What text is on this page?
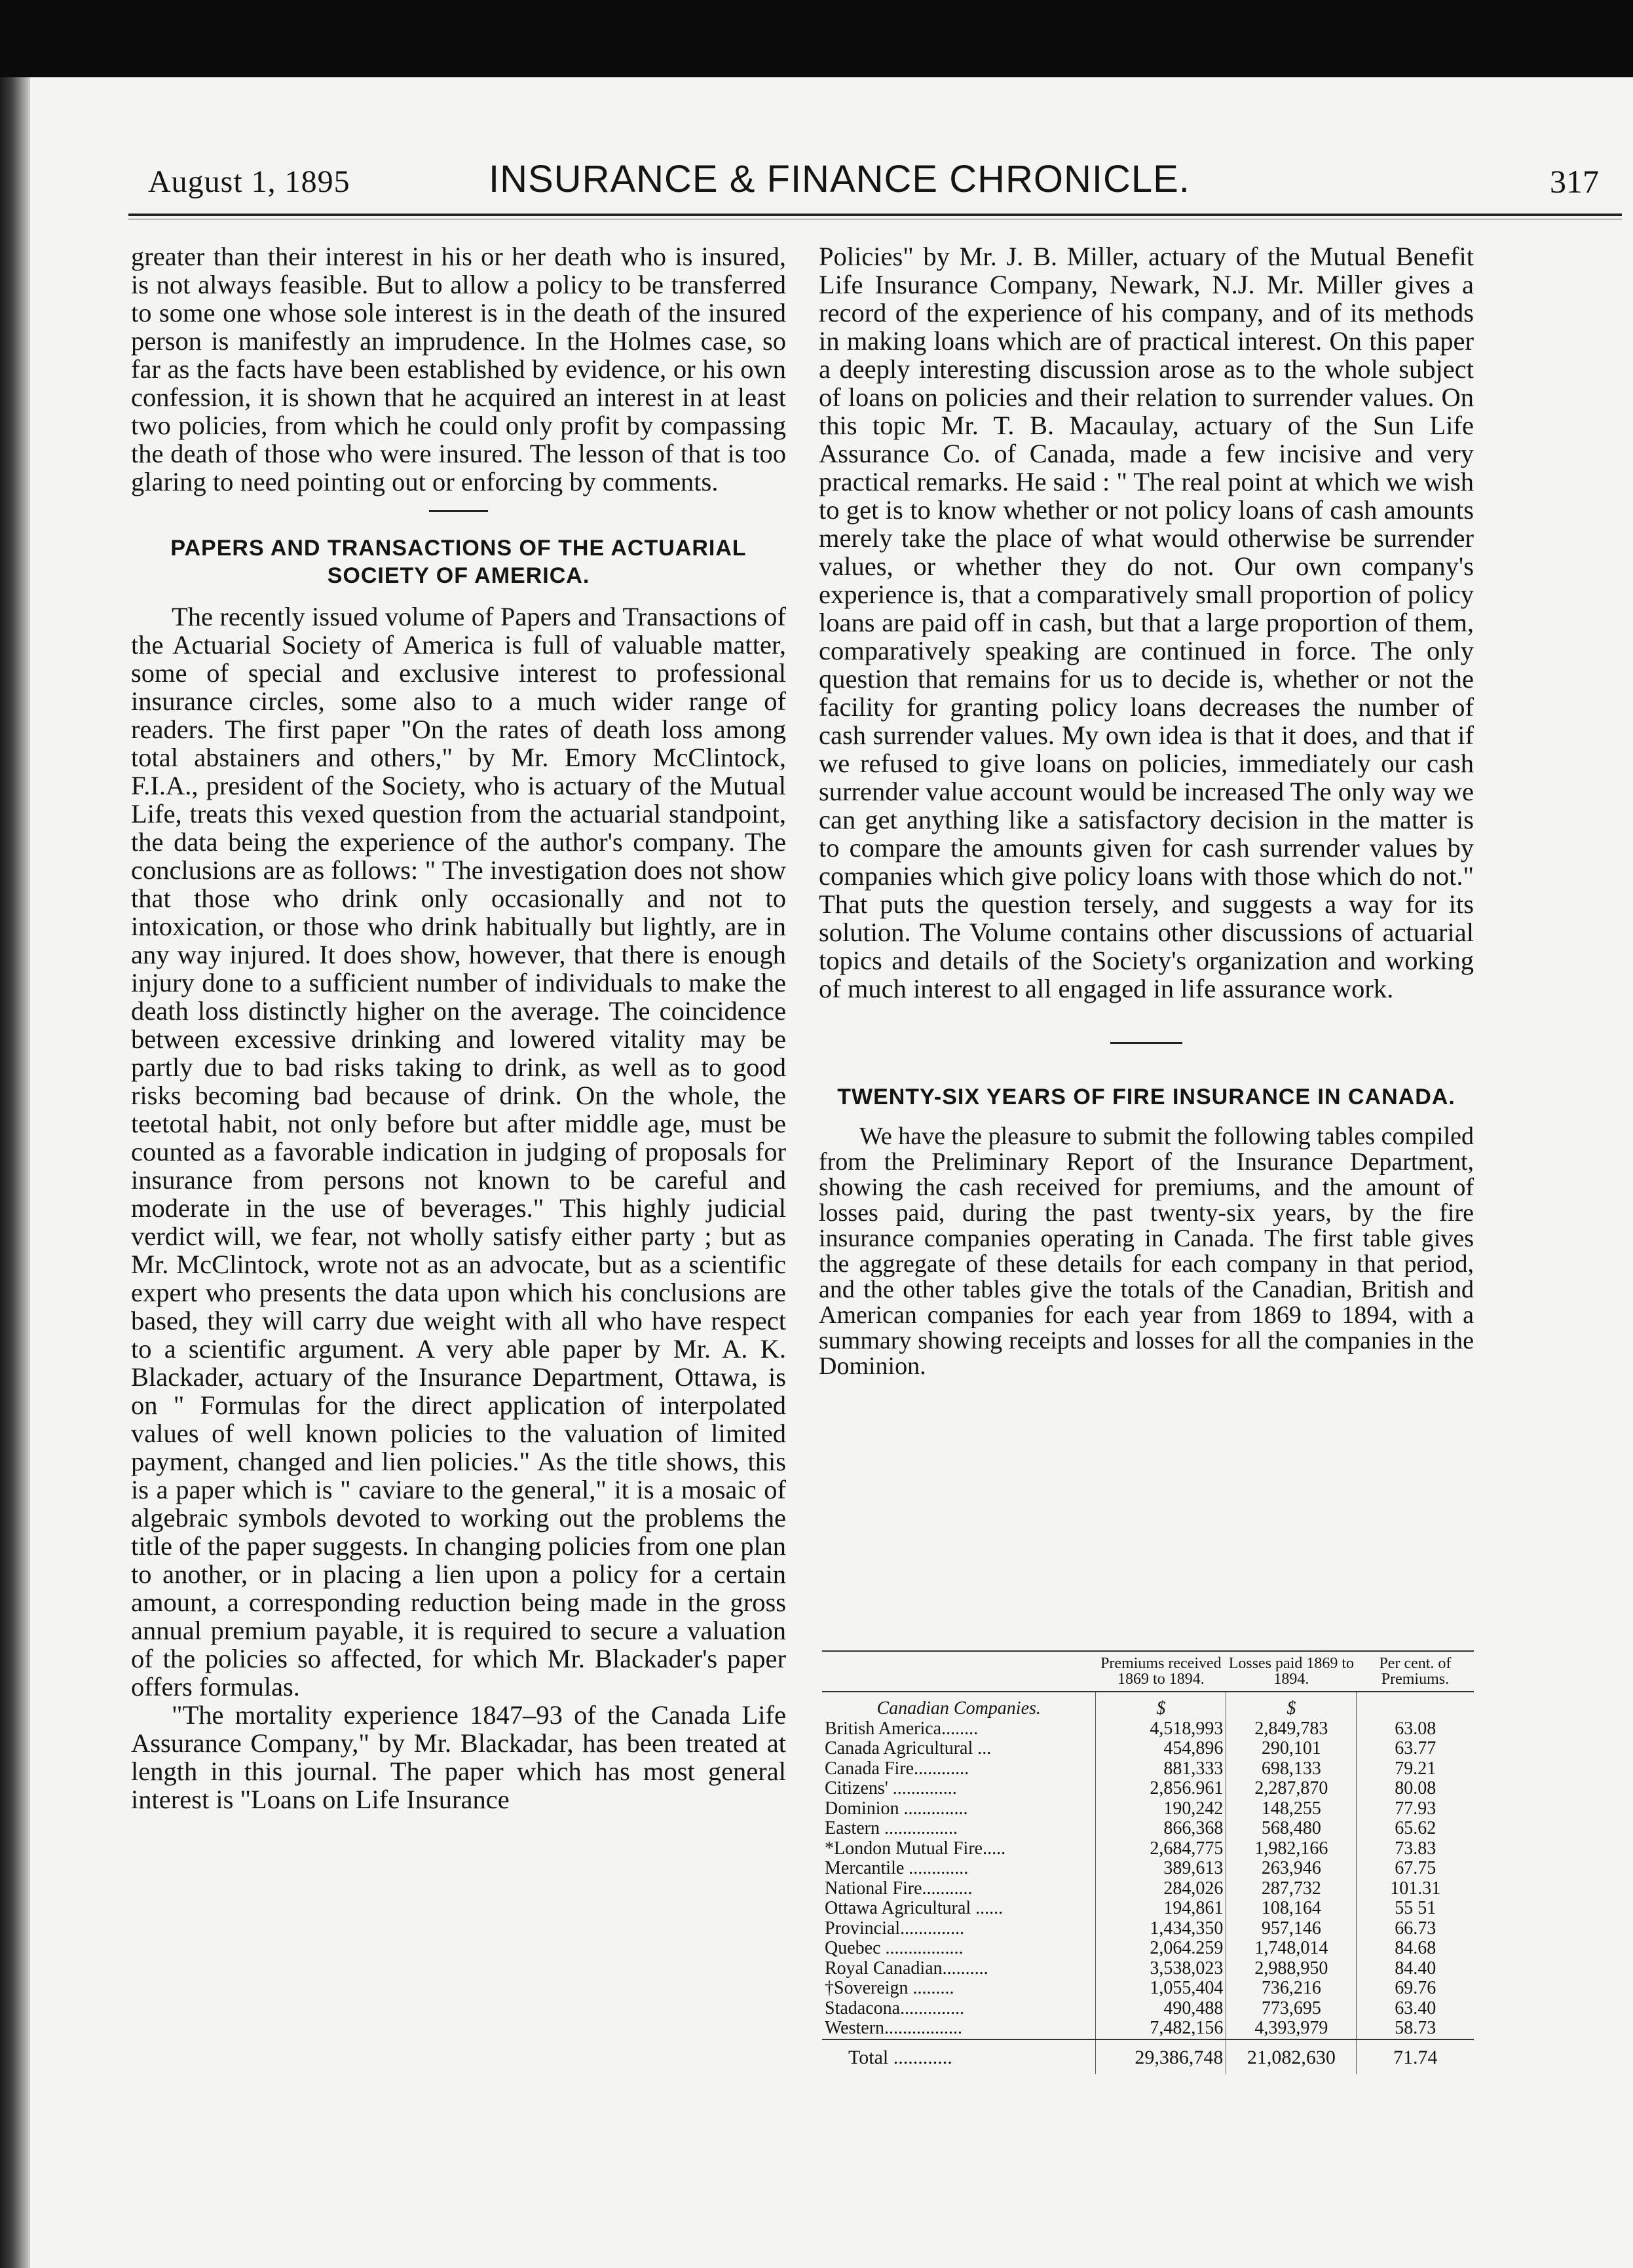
August 1, 1895	INSURANCE & FINANCE CHRONICLE.	317

greater than their interest in his or her death who is insured, is not always feasible. But to allow a policy to be transferred to some one whose sole interest is in the death of the insured person is manifestly an imprudence. In the Holmes case, so far as the facts have been established by evidence, or his own confession, it is shown that he acquired an interest in at least two policies, from which he could only profit by compassing the death of those who were insured. The lesson of that is too glaring to need pointing out or enforcing by comments.

PAPERS AND TRANSACTIONS OF THE ACTUARIAL SOCIETY OF AMERICA.

The recently issued volume of Papers and Transactions of the Actuarial Society of America is full of valuable matter, some of special and exclusive interest to professional insurance circles, some also to a much wider range of readers. The first paper "On the rates of death loss among total abstainers and others," by Mr. Emory McClintock, F.I.A., president of the Society, who is actuary of the Mutual Life, treats this vexed question from the actuarial standpoint, the data being the experience of the author's company. The conclusions are as follows: " The investigation does not show that those who drink only occasionally and not to intoxication, or those who drink habitually but lightly, are in any way injured. It does show, however, that there is enough injury done to a sufficient number of individuals to make the death loss distinctly higher on the average. The coincidence between excessive drinking and lowered vitality may be partly due to bad risks taking to drink, as well as to good risks becoming bad because of drink. On the whole, the teetotal habit, not only before but after middle age, must be counted as a favorable indication in judging of proposals for insurance from persons not known to be careful and moderate in the use of beverages." This highly judicial verdict will, we fear, not wholly satisfy either party ; but as Mr. McClintock, wrote not as an advocate, but as a scientific expert who presents the data upon which his conclusions are based, they will carry due weight with all who have respect to a scientific argument. A very able paper by Mr. A. K. Blackader, actuary of the Insurance Department, Ottawa, is on " Formulas for the direct application of interpolated values of well known policies to the valuation of limited payment, changed and lien policies." As the title shows, this is a paper which is " caviare to the general," it is a mosaic of algebraic symbols devoted to working out the problems the title of the paper suggests. In changing policies from one plan to another, or in placing a lien upon a policy for a certain amount, a corresponding reduction being made in the gross annual premium payable, it is required to secure a valuation of the policies so affected, for which Mr. Blackader's paper offers formulas.

"The mortality experience 1847–93 of the Canada Life Assurance Company," by Mr. Blackadar, has been treated at length in this journal. The paper which has most general interest is "Loans on Life Insurance

Policies" by Mr. J. B. Miller, actuary of the Mutual Benefit Life Insurance Company, Newark, N.J. Mr. Miller gives a record of the experience of his company, and of its methods in making loans which are of practical interest. On this paper a deeply interesting discussion arose as to the whole subject of loans on policies and their relation to surrender values. On this topic Mr. T. B. Macaulay, actuary of the Sun Life Assurance Co. of Canada, made a few incisive and very practical remarks. He said : " The real point at which we wish to get is to know whether or not policy loans of cash amounts merely take the place of what would otherwise be surrender values, or whether they do not. Our own company's experience is, that a comparatively small proportion of policy loans are paid off in cash, but that a large proportion of them, comparatively speaking are continued in force. The only question that remains for us to decide is, whether or not the facility for granting policy loans decreases the number of cash surrender values. My own idea is that it does, and that if we refused to give loans on policies, immediately our cash surrender value account would be increased The only way we can get anything like a satisfactory decision in the matter is to compare the amounts given for cash surrender values by companies which give policy loans with those which do not." That puts the question tersely, and suggests a way for its solution. The Volume contains other discussions of actuarial topics and details of the Society's organization and working of much interest to all engaged in life assurance work.

TWENTY-SIX YEARS OF FIRE INSURANCE IN CANADA.

We have the pleasure to submit the following tables compiled from the Preliminary Report of the Insurance Department, showing the cash received for premiums, and the amount of losses paid, during the past twenty-six years, by the fire insurance companies operating in Canada. The first table gives the aggregate of these details for each company in that period, and the other tables give the totals of the Canadian, British and American companies for each year from 1869 to 1894, with a summary showing receipts and losses for all the companies in the Dominion.

	Premiums received 1869 to 1894.	Losses paid 1869 to 1894.	Per cent. of Premiums.
Canadian Companies.	$	$	
British America........	4,518,993	2,849,783	63.08
Canada Agricultural ...	454,896	290,101	63.77
Canada Fire............	881,333	698,133	79.21
Citizens' ..............	2,856.961	2,287,870	80.08
Dominion ..............	190,242	148,255	77.93
Eastern ................	866,368	568,480	65.62
*London Mutual Fire.....	2,684,775	1,982,166	73.83
Mercantile .............	389,613	263,946	67.75
National Fire...........	284,026	287,732	101.31
Ottawa Agricultural ......	194,861	108,164	55 51
Provincial..............	1,434,350	957,146	66.73
Quebec .................	2,064.259	1,748,014	84.68
Royal Canadian..........	3,538,023	2,988,950	84.40
†Sovereign .........	1,055,404	736,216	69.76
Stadacona..............	490,488	773,695	63.40
Western.................	7,482,156	4,393,979	58.73
Total ............	29,386,748	21,082,630	71.74
